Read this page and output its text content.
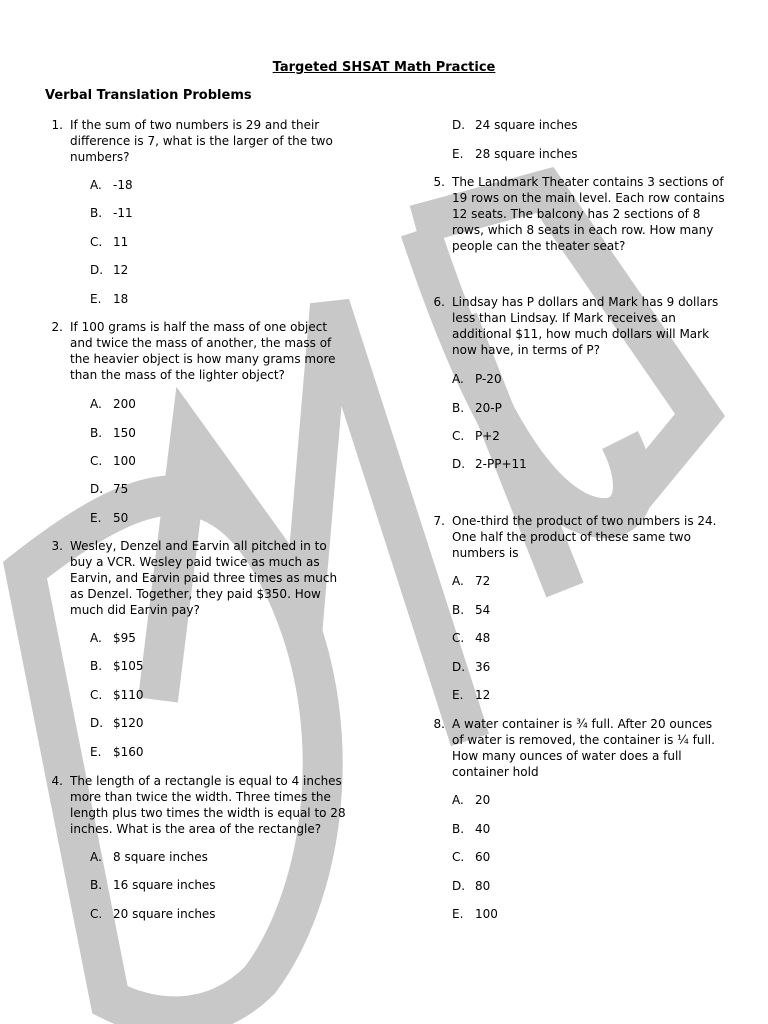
Targeted SHSAT Math Practice
Verbal Translation Problems
1. If the sum of two numbers is 29 and their difference is 7, what is the larger of the two numbers?
A. -18
B. -11
C. 11
D. 12
E. 18
2. If 100 grams is half the mass of one object and twice the mass of another, the mass of the heavier object is how many grams more than the mass of the lighter object?
A. 200
B. 150
C. 100
D. 75
E. 50
3. Wesley, Denzel and Earvin all pitched in to buy a VCR. Wesley paid twice as much as Earvin, and Earvin paid three times as much as Denzel. Together, they paid $350. How much did Earvin pay?
A. $95
B. $105
C. $110
D. $120
E. $160
4. The length of a rectangle is equal to 4 inches more than twice the width. Three times the length plus two times the width is equal to 28 inches. What is the area of the rectangle?
A. 8 square inches
B. 16 square inches
C. 20 square inches
D. 24 square inches
E. 28 square inches
5. The Landmark Theater contains 3 sections of 19 rows on the main level. Each row contains 12 seats. The balcony has 2 sections of 8 rows, which 8 seats in each row. How many people can the theater seat?
6. Lindsay has P dollars and Mark has 9 dollars less than Lindsay. If Mark receives an additional $11, how much dollars will Mark now have, in terms of P?
A. P-20
B. 20-P
C. P+2
D. 2-PP+11
7. One-third the product of two numbers is 24. One half the product of these same two numbers is
A. 72
B. 54
C. 48
D. 36
E. 12
8. A water container is ¾ full. After 20 ounces of water is removed, the container is ¼ full. How many ounces of water does a full container hold
A. 20
B. 40
C. 60
D. 80
E. 100
